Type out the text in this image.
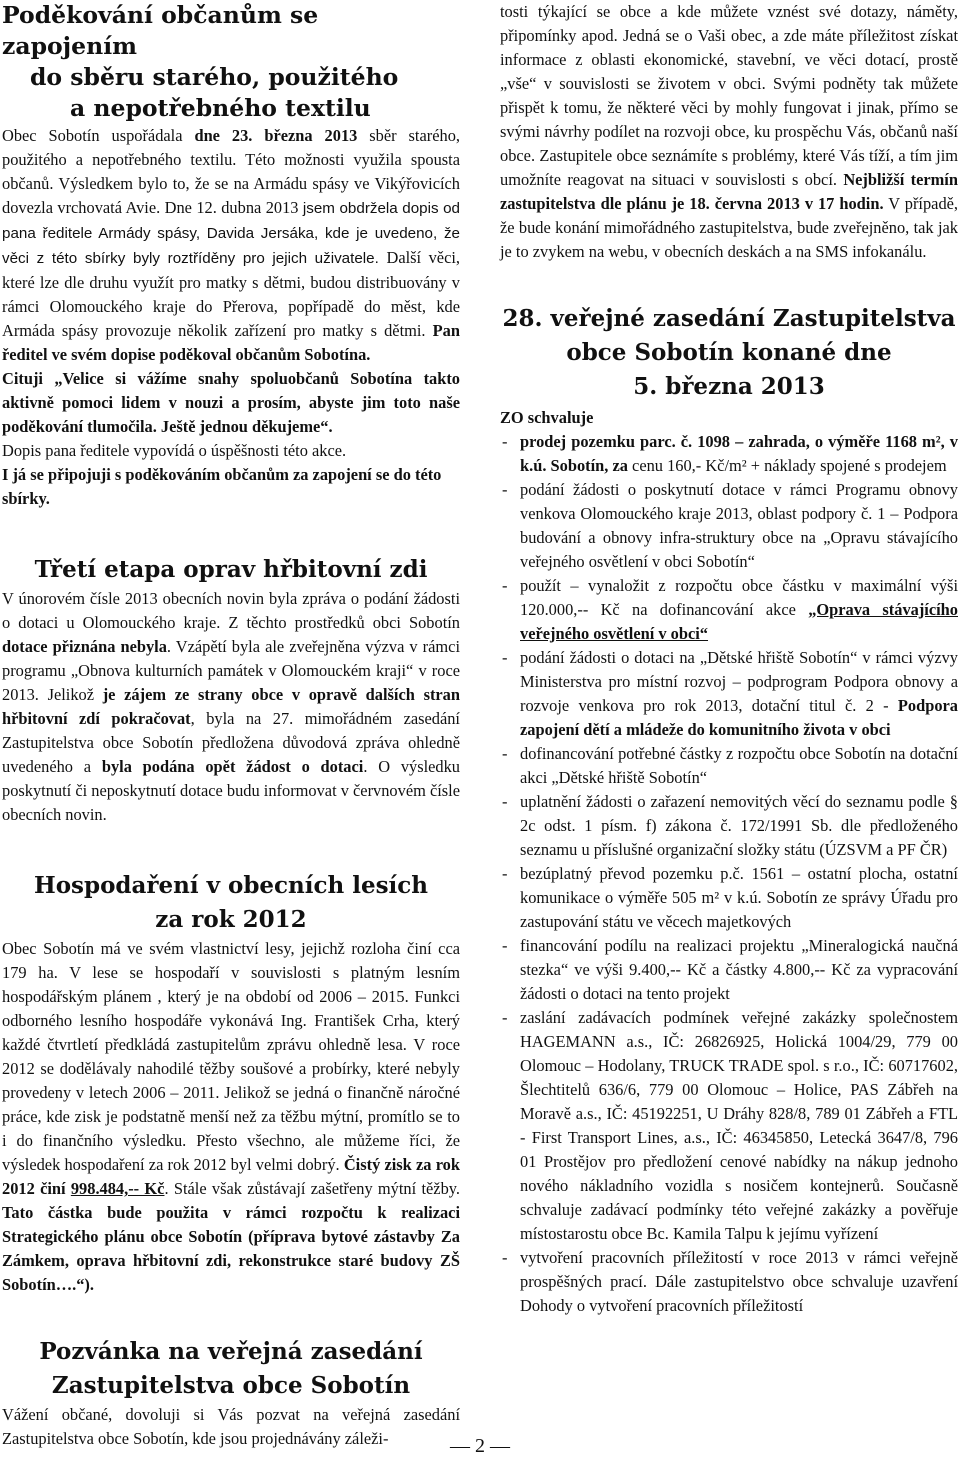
Poděkování občanům se zapojením
do sběru starého, použitého
a nepotřebného textilu

Obec Sobotín uspořádala dne 23. března 2013 sběr starého, použitého a nepotřebného textilu. Této možnosti využila spousta občanů. Výsledkem bylo to, že se na Armádu spásy ve Vikýřovicích dovezla vrchovatá Avie. Dne 12. dubna 2013 jsem obdržela dopis od pana ředitele Armády spásy, Davida Jersáka, kde je uvedeno, že věci z této sbírky byly roztříděny pro jejich uživatele. Další věci, které lze dle druhu využít pro matky s dětmi, budou distribuovány v rámci Olomouckého kraje do Přerova, popřípadě do měst, kde Armáda spásy provozuje několik zařízení pro matky s dětmi. Pan ředitel ve svém dopise poděkoval občanům Sobotína.

Cituji „Velice si vážíme snahy spoluobčanů Sobotína takto aktivně pomoci lidem v nouzi a prosím, abyste jim toto naše poděkování tlumočila. Ještě jednou děkujeme“.

Dopis pana ředitele vypovídá o úspěšnosti této akce.

I já se připojuji s poděkováním občanům za zapojení se do této sbírky.

Třetí etapa oprav hřbitovní zdi

V únorovém čísle 2013 obecních novin byla zpráva o podání žádosti o dotaci u Olomouckého kraje. Z těchto prostředků obci Sobotín dotace přiznána nebyla. Vzápětí byla ale zveřejněna výzva v rámci programu „Obnova kulturních památek v Olomouckém kraji“ v roce 2013. Jelikož je zájem ze strany obce v opravě dalších stran hřbitovní zdí pokračovat, byla na 27. mimořádném zasedání Zastupitelstva obce Sobotín předložena důvodová zpráva ohledně uvedeného a byla podána opět žádost o dotaci. O výsledku poskytnutí či neposkytnutí dotace budu informovat v červnovém čísle obecních novin.

Hospodaření v obecních lesích
za rok 2012

Obec Sobotín má ve svém vlastnictví lesy, jejichž rozloha činí cca 179 ha. V lese se hospodaří v souvislosti s platným lesním hospodářským plánem , který je na období od 2006 – 2015. Funkci odborného lesního hospodáře vykonává Ing. František Crha, který každé čtvrtletí předkládá zastupitelům zprávu ohledně lesa. V roce 2012 se dodělávaly nahodilé těžby soušové a probírky, které nebyly provedeny v letech 2006 – 2011. Jelikož se jedná o finančně náročné práce, kde zisk je podstatně menší než za těžbu mýtní, promítlo se to i do finančního výsledku. Přesto všechno, ale můžeme říci, že výsledek hospodaření za rok 2012 byl velmi dobrý. Čistý zisk za rok 2012 činí 998.484,-- Kč. Stále však zůstávají zašetřeny mýtní těžby. Tato částka bude použita v rámci rozpočtu k realizaci Strategického plánu obce Sobotín (příprava bytové zástavby Za Zámkem, oprava hřbitovní zdi, rekonstrukce staré budovy ZŠ Sobotín….“).

Pozvánka na veřejná zasedání
Zastupitelstva obce Sobotín

Vážení občané, dovoluji si Vás pozvat na veřejná zasedání Zastupitelstva obce Sobotín, kde jsou projednávány záleži-

tosti týkající se obce a kde můžete vznést své dotazy, náměty, připomínky apod. Jedná se o Vaši obec, a zde máte příležitost získat informace z oblasti ekonomické, stavební, ve věci dotací, prostě „vše“ v souvislosti se životem v obci. Svými podněty tak můžete přispět k tomu, že některé věci by mohly fungovat i jinak, přímo se svými návrhy podílet na rozvoji obce, ku prospěchu Vás, občanů naší obce. Zastupitele obce seznámíte s problémy, které Vás tíží, a tím jim umožníte reagovat na situaci v souvislosti s obcí. Nejbližší termín zastupitelstva dle plánu je 18. června 2013 v 17 hodin. V případě, že bude konání mimořádného zastupitelstva, bude zveřejněno, tak jak je to zvykem na webu, v obecních deskách a na SMS infokanálu.

28. veřejné zasedání Zastupitelstva
obce Sobotín konané dne
5. března 2013

ZO schvaluje

- prodej pozemku parc. č. 1098 – zahrada, o výměře 1168 m², v k.ú. Sobotín, za cenu 160,- Kč/m² + náklady spojené s prodejem
- podání žádosti o poskytnutí dotace v rámci Programu obnovy venkova Olomouckého kraje 2013, oblast podpory č. 1 – Podpora budování a obnovy infra-struktury obce na „Opravu stávajícího veřejného osvětlení v obci Sobotín“
- použít – vynaložit z rozpočtu obce částku v maximální výši 120.000,-- Kč na dofinancování akce „Oprava stávajícího veřejného osvětlení v obci“
- podání žádosti o dotaci na „Dětské hřiště Sobotín“ v rámci výzvy Ministerstva pro místní rozvoj – podprogram Podpora obnovy a rozvoje venkova pro rok 2013, dotační titul č. 2 - Podpora zapojení dětí a mládeže do komunitního života v obci
- dofinancování potřebné částky z rozpočtu obce Sobotín na dotační akci „Dětské hřiště Sobotín“
- uplatnění žádosti o zařazení nemovitých věcí do seznamu podle § 2c odst. 1 písm. f) zákona č. 172/1991 Sb. dle předloženého seznamu u příslušné organizační složky státu (ÚZSVM a PF ČR)
- bezúplatný převod pozemku p.č. 1561 – ostatní plocha, ostatní komunikace o výměře 505 m² v k.ú. Sobotín ze správy Úřadu pro zastupování státu ve věcech majetkových
- financování podílu na realizaci projektu „Mineralogická naučná stezka“ ve výši 9.400,-- Kč a částky 4.800,-- Kč za vypracování žádosti o dotaci na tento projekt
- zaslání zadávacích podmínek veřejné zakázky společnostem HAGEMANN a.s., IČ: 26826925, Holická 1004/29, 779 00 Olomouc – Hodolany, TRUCK TRADE spol. s r.o., IČ: 60717602, Šlechtitelů 636/6, 779 00 Olomouc – Holice, PAS Zábřeh na Moravě a.s., IČ: 45192251, U Dráhy 828/8, 789 01 Zábřeh a FTL - First Transport Lines, a.s., IČ: 46345850, Letecká 3647/8, 796 01 Prostějov pro předložení cenové nabídky na nákup jednoho nového nákladního vozidla s nosičem kontejnerů. Současně schvaluje zadávací podmínky této veřejné zakázky a pověřuje místostarostu obce Bc. Kamila Talpu k jejímu vyřízení
- vytvoření pracovních příležitostí v roce 2013 v rámci veřejně prospěšných prací. Dále zastupitelstvo obce schvaluje uzavření Dohody o vytvoření pracovních příležitostí
— 2 —
